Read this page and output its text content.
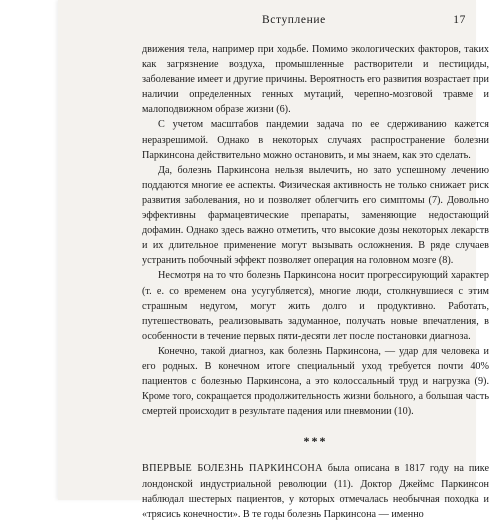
Вступление	17

движения тела, например при ходьбе. Помимо экологических факторов, таких как загрязнение воздуха, промышленные растворители и пестициды, заболевание имеет и другие причины. Вероятность его развития возрастает при наличии определенных генных мутаций, черепно-мозговой травме и малоподвижном образе жизни (6).

С учетом масштабов пандемии задача по ее сдерживанию кажется неразрешимой. Однако в некоторых случаях распространение болезни Паркинсона действительно можно остановить, и мы знаем, как это сделать.

Да, болезнь Паркинсона нельзя вылечить, но зато успешному лечению поддаются многие ее аспекты. Физическая активность не только снижает риск развития заболевания, но и позволяет облегчить его симптомы (7). Довольно эффективны фармацевтические препараты, заменяющие недостающий дофамин. Однако здесь важно отметить, что высокие дозы некоторых лекарств и их длительное применение могут вызывать осложнения. В ряде случаев устранить побочный эффект позволяет операция на головном мозге (8).

Несмотря на то что болезнь Паркинсона носит прогрессирующий характер (т. е. со временем она усугубляется), многие люди, столкнувшиеся с этим страшным недугом, могут жить долго и продуктивно. Работать, путешествовать, реализовывать задуманное, получать новые впечатления, в особенности в течение первых пяти-десяти лет после постановки диагноза.

Конечно, такой диагноз, как болезнь Паркинсона, — удар для человека и его родных. В конечном итоге специальный уход требуется почти 40% пациентов с болезнью Паркинсона, а это колоссальный труд и нагрузка (9). Кроме того, сокращается продолжительность жизни больного, а большая часть смертей происходит в результате падения или пневмонии (10).

***

ВПЕРВЫЕ БОЛЕЗНЬ ПАРКИНСОНА была описана в 1817 году на пике лондонской индустриальной революции (11). Доктор Джеймс Паркинсон наблюдал шестерых пациентов, у которых отмечалась необычная походка и «трясись конечности». В те годы болезнь Паркинсона — именно
